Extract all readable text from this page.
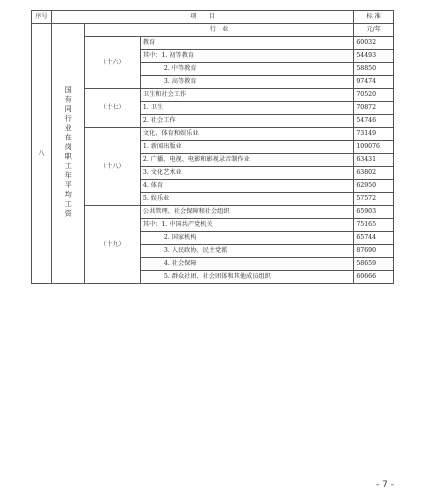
序号	项　　目			标 准
八	国有同行业在岗职工年平均工资	行　业		元/年
		（十六）	教育	60032
			其中：1. 初等教育	54493
			2. 中等教育	58850
			3. 高等教育	97474
		（十七）	卫生和社会工作	70520
			1. 卫生	70872
			2. 社会工作	54746
		（十八）	文化、体育和娱乐业	73149
			1. 新闻出版业	109076
			2. 广播、电视、电影和影视录音制作业	63431
			3. 文化艺术业	63802
			4. 体育	62950
			5. 娱乐业	57572
		（十九）	公共管理、社会保障和社会组织	65903
			其中：1. 中国共产党机关	75165
			2. 国家机构	65744
			3. 人民政协、民主党派	87690
			4. 社会保障	58659
			5. 群众社团、社会团体和其他成员组织	60666
- 7 -
